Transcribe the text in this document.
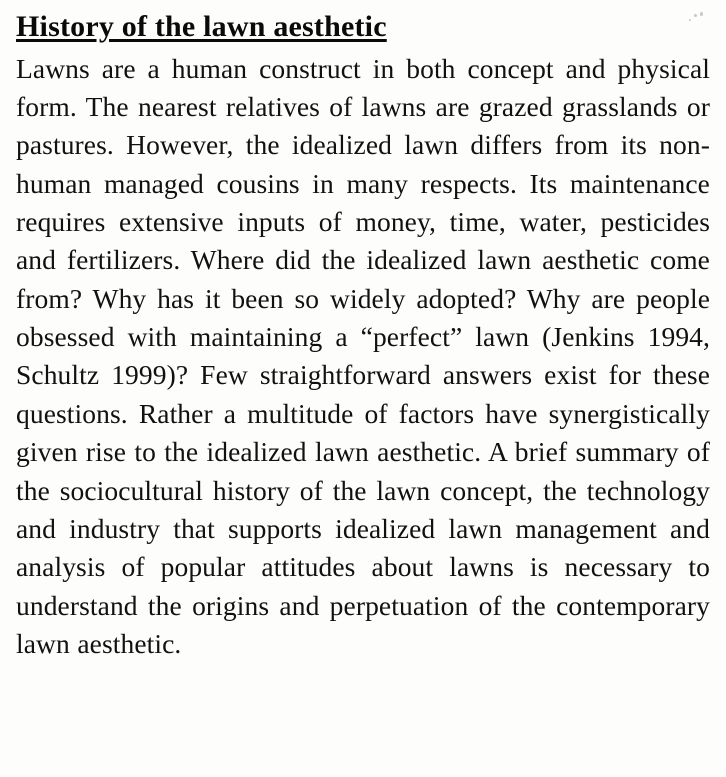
History of the lawn aesthetic

Lawns are a human construct in both concept and physical form. The nearest relatives of lawns are grazed grasslands or pastures. However, the idealized lawn differs from its non-human managed cousins in many respects. Its maintenance requires extensive inputs of money, time, water, pesticides and fertilizers. Where did the idealized lawn aesthetic come from? Why has it been so widely adopted? Why are people obsessed with maintaining a “perfect” lawn (Jenkins 1994, Schultz 1999)? Few straightforward answers exist for these questions. Rather a multitude of factors have synergistically given rise to the idealized lawn aesthetic. A brief summary of the sociocultural history of the lawn concept, the technology and industry that supports idealized lawn management and analysis of popular attitudes about lawns is necessary to understand the origins and perpetuation of the contemporary lawn aesthetic.
